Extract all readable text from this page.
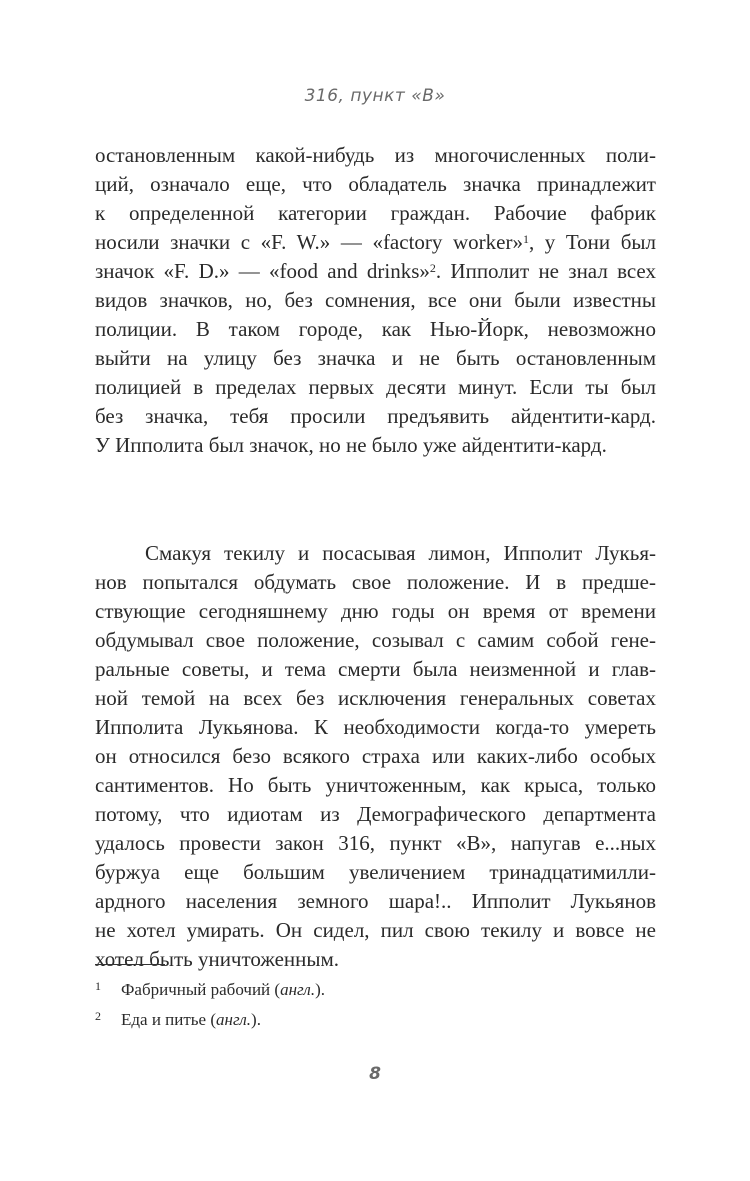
316, пункт «В»
остановленным какой-нибудь из многочисленных поли-
ций, означало еще, что обладатель значка принадлежит
к определенной категории граждан. Рабочие фабрик
носили значки с «F. W.» — «factory worker»$^1$, у Тони был
значок «F. D.» — «food and drinks»$^2$. Ипполит не знал всех
видов значков, но, без сомнения, все они были известны
полиции. В таком городе, как Нью-Йорк, невозможно
выйти на улицу без значка и не быть остановленным
полицией в пределах первых десяти минут. Если ты был
без значка, тебя просили предъявить айдентити-кард.
У Ипполита был значок, но не было уже айдентити-кард.
Смакуя текилу и посасывая лимон, Ипполит Лукья-
нов попытался обдумать свое положение. И в предше-
ствующие сегодняшнему дню годы он время от времени
обдумывал свое положение, созывал с самим собой гене-
ральные советы, и тема смерти была неизменной и глав-
ной темой на всех без исключения генеральных советах
Ипполита Лукьянова. К необходимости когда-то умереть
он относился безо всякого страха или каких-либо особых
сантиментов. Но быть уничтоженным, как крыса, только
потому, что идиотам из Демографического департмента
удалось провести закон 316, пункт «В», напугав е...ных
буржуа еще большим увеличением тринадцатимилли-
ардного населения земного шара!.. Ипполит Лукьянов
не хотел умирать. Он сидел, пил свою текилу и вовсе не
хотел быть уничтоженным.
1 Фабричный рабочий (англ.).
2 Еда и питье (англ.).
8
